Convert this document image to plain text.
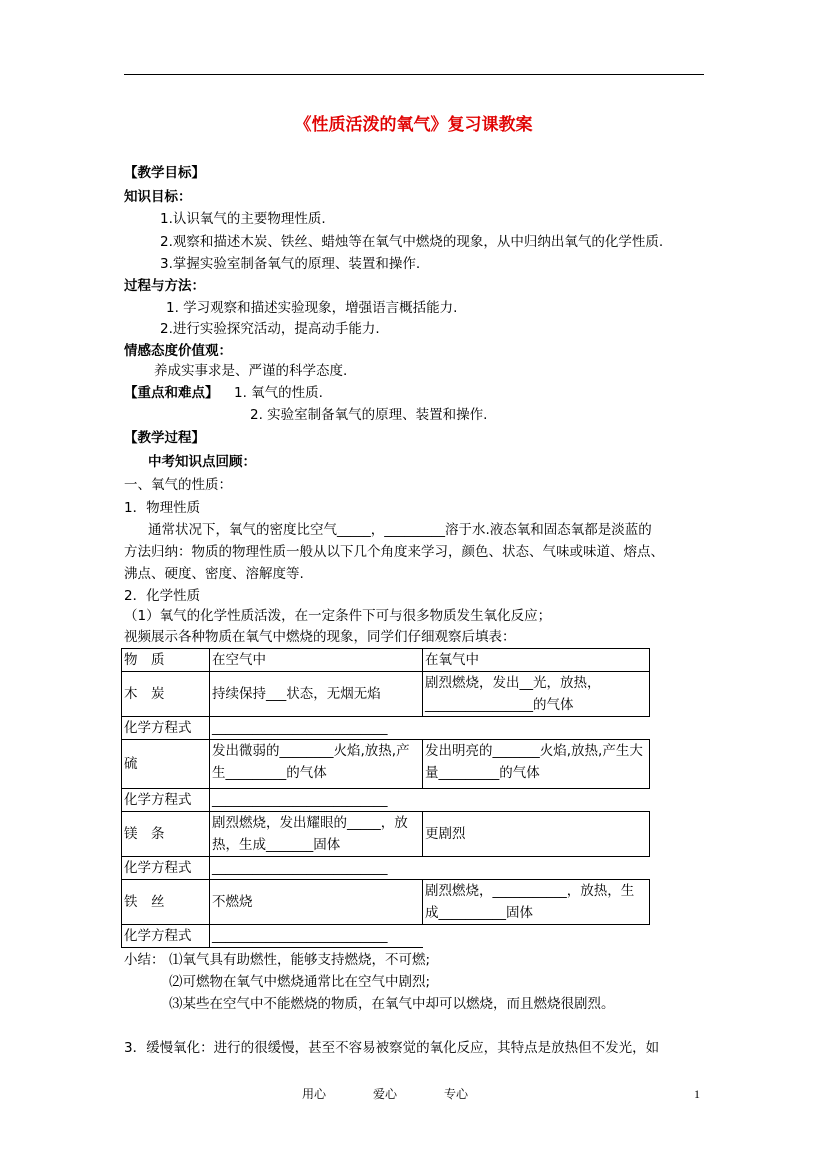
《性质活泼的氧气》复习课教案
【教学目标】
知识目标：
1.认识氧气的主要物理性质.
2.观察和描述木炭、铁丝、蜡烛等在氧气中燃烧的现象，从中归纳出氧气的化学性质.
3.掌握实验室制备氧气的原理、装置和操作.
过程与方法：
1. 学习观察和描述实验现象，增强语言概括能力.
2.进行实验探究活动，提高动手能力.
情感态度价值观：
养成实事求是、严谨的科学态度.
【重点和难点】 1. 氧气的性质.
2. 实验室制备氧气的原理、装置和操作.
【教学过程】
中考知识点回顾：
一、氧气的性质：
1．物理性质
通常状况下，氧气的密度比空气_____，_________溶于水.液态氧和固态氧都是淡蓝的
方法归纳：物质的物理性质一般从以下几个角度来学习，颜色、状态、气味或味道、熔点、
沸点、硬度、密度、溶解度等.
2．化学性质
（1）氧气的化学性质活泼，在一定条件下可与很多物质发生氧化反应；
视频展示各种物质在氧气中燃烧的现象，同学们仔细观察后填表：
物　质	在空气中	在氧气中
木　炭	持续保持___状态，无烟无焰	剧烈燃烧，发出__光，放热，________________的气体
化学方程式	__________________________	
硫	发出微弱的________火焰,放热,产生_________的气体	发出明亮的_______火焰,放热,产生大量_________的气体
化学方程式	__________________________	
镁　条	剧烈燃烧，发出耀眼的_____，放热，生成_______固体	更剧烈
化学方程式	__________________________	
铁　丝	不燃烧	剧烈燃烧，___________，放热，生成__________固体
化学方程式	__________________________	
小结： ⑴氧气具有助燃性，能够支持燃烧，不可燃;
⑵可燃物在氧气中燃烧通常比在空气中剧烈;
⑶某些在空气中不能燃烧的物质，在氧气中却可以燃烧，而且燃烧很剧烈。
3．缓慢氧化：进行的很缓慢，甚至不容易被察觉的氧化反应，其特点是放热但不发光，如
用心	爱心	专心	1
